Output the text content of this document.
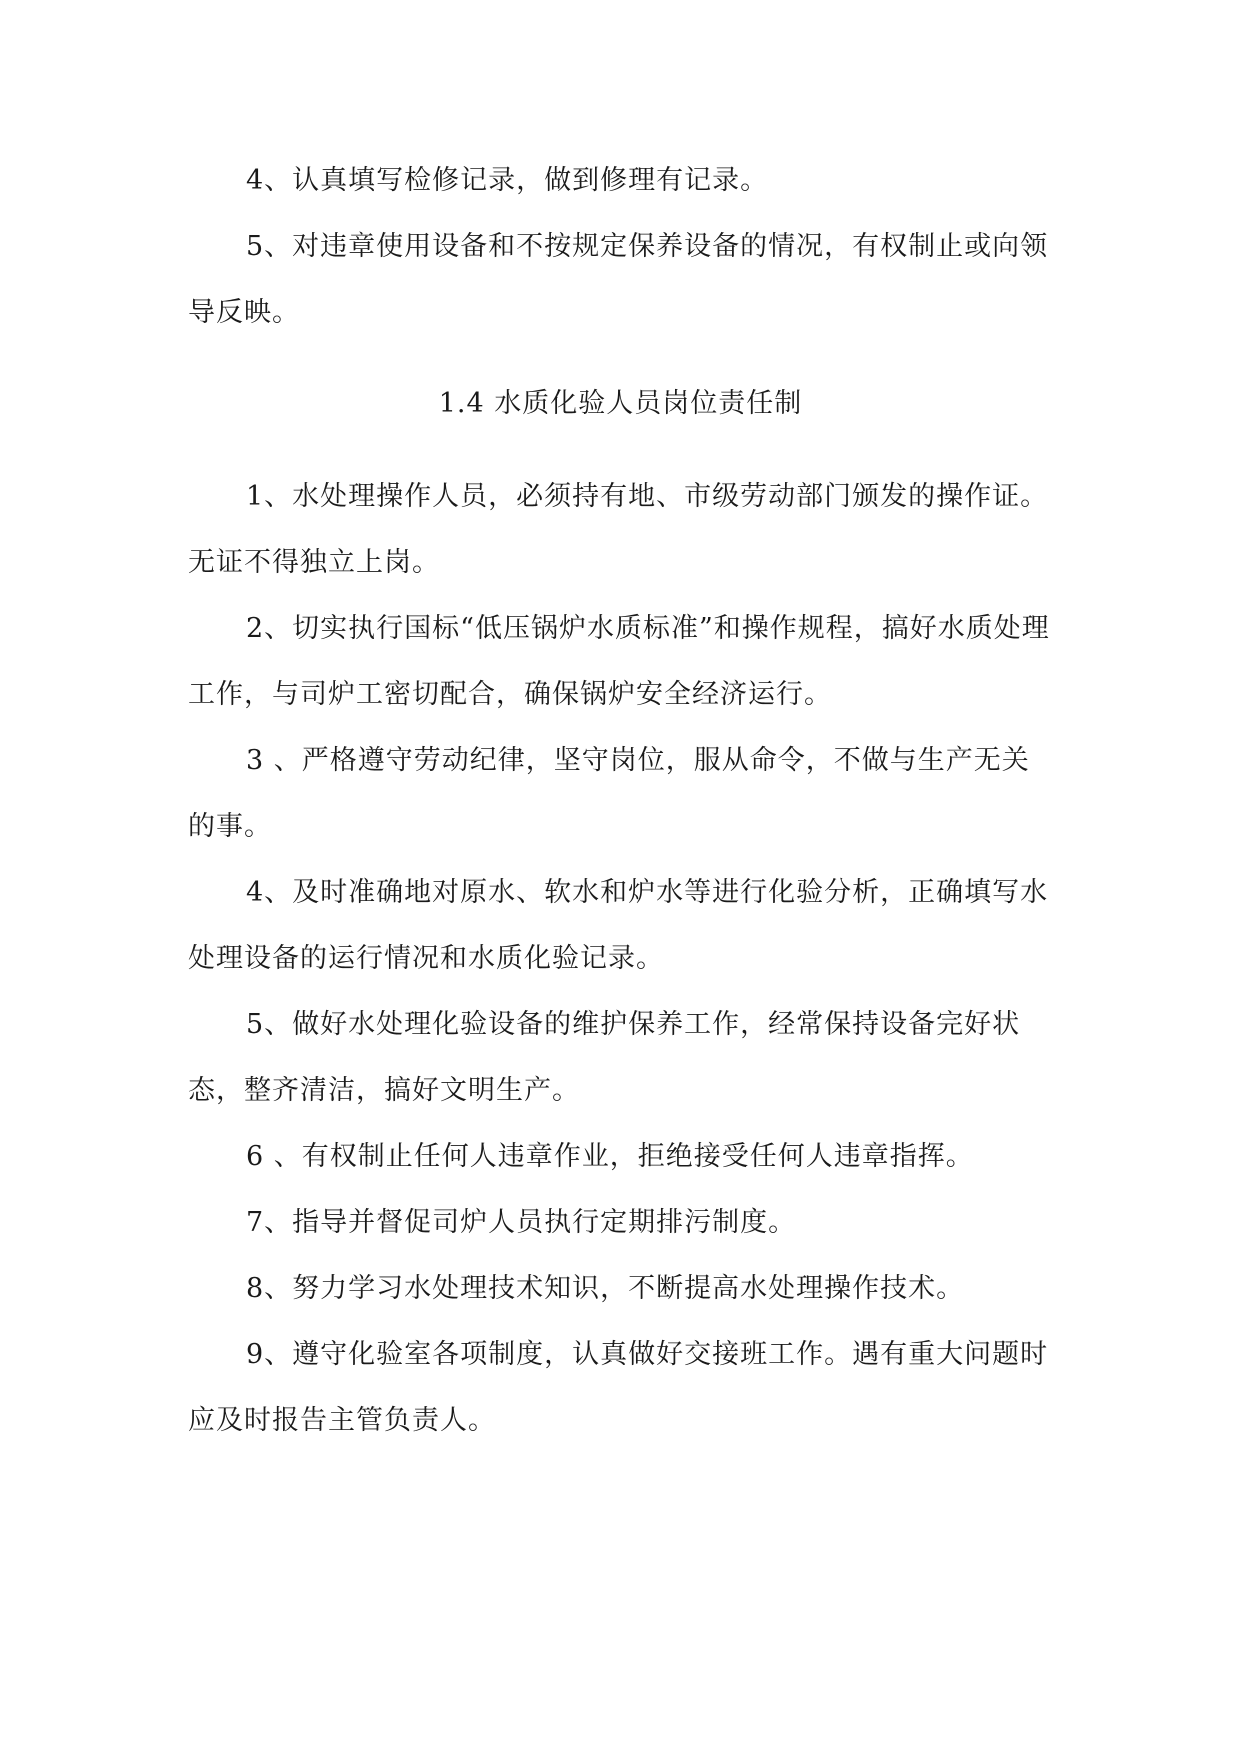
4、认真填写检修记录，做到修理有记录。

5、对违章使用设备和不按规定保养设备的情况，有权制止或向领导反映。

1.4 水质化验人员岗位责任制

1、水处理操作人员，必须持有地、市级劳动部门颁发的操作证。无证不得独立上岗。

2、切实执行国标“低压锅炉水质标准”和操作规程，搞好水质处理工作，与司炉工密切配合，确保锅炉安全经济运行。

3 、严格遵守劳动纪律，坚守岗位，服从命令，不做与生产无关的事。

4、及时准确地对原水、软水和炉水等进行化验分析，正确填写水处理设备的运行情况和水质化验记录。

5、做好水处理化验设备的维护保养工作，经常保持设备完好状态，整齐清洁，搞好文明生产。

6 、有权制止任何人违章作业，拒绝接受任何人违章指挥。

7、指导并督促司炉人员执行定期排污制度。

8、努力学习水处理技术知识，不断提高水处理操作技术。

9、遵守化验室各项制度，认真做好交接班工作。遇有重大问题时应及时报告主管负责人。
